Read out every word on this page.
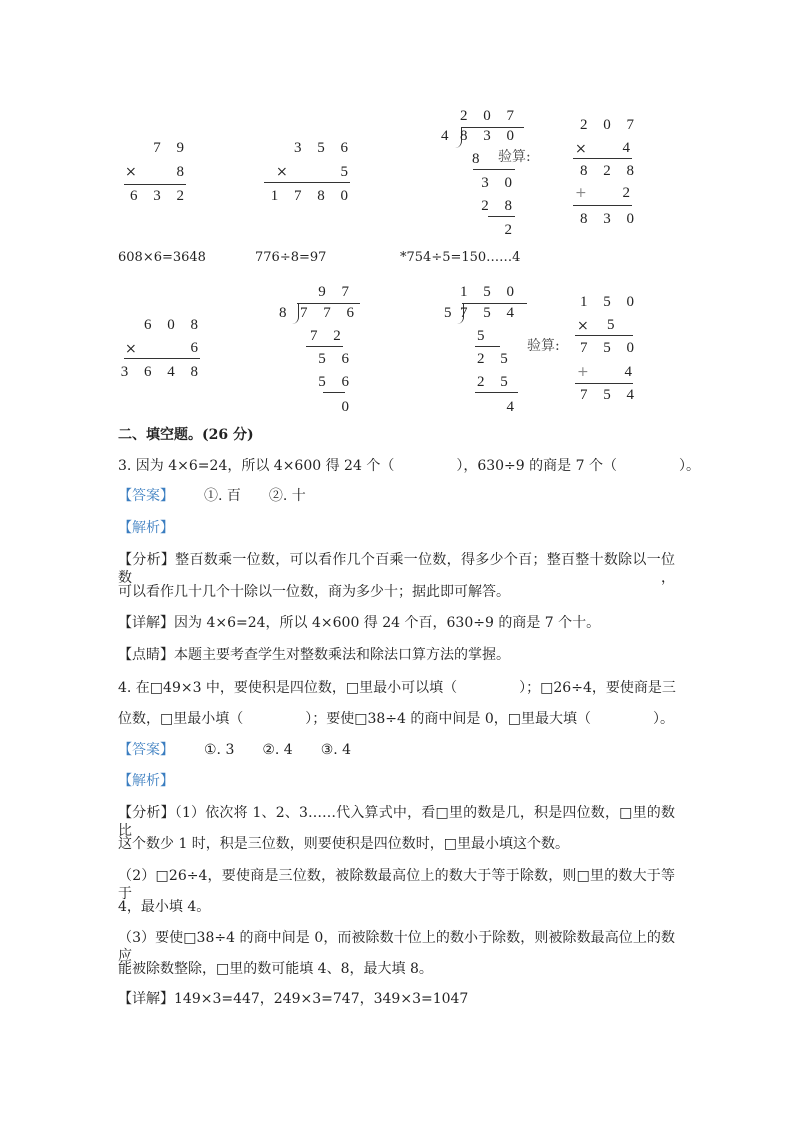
7 9
×	8
6 3 2
3 5 6
×	5
1 7 8 0
2 0 7
4 8 3 0
8
3 0
2 8
2
验算:
2 0 7
×	4
8 2 8
+	2
8 3 0
608×6=3648	776÷8=97	*754÷5=150……4
6 0 8
×	6
3 6 4 8
9 7
8 7 7 6
7 2
5 6
5 6
0
1 5 0
5 7 5 4
5
2 5
2 5
4
验算:
1 5 0
× 5
7 5 0
+	4
7 5 4
二、填空题。(26 分)
3. 因为 4×6=24，所以 4×600 得 24 个（	），630÷9 的商是 7 个（	）。
【答案】 ①. 百　　②. 十
【解析】
【分析】整百数乘一位数，可以看作几个百乘一位数，得多少个百；整百整十数除以一位数，
可以看作几十几个十除以一位数，商为多少十；据此即可解答。
【详解】因为 4×6=24，所以 4×600 得 24 个百，630÷9 的商是 7 个十。
【点睛】本题主要考查学生对整数乘法和除法口算方法的掌握。
4. 在□49×3 中，要使积是四位数，□里最小可以填（	）；□26÷4，要使商是三
位数，□里最小填（	）；要使□38÷4 的商中间是 0，□里最大填（	）。
【答案】 ①. 3　　②. 4　　③. 4
【解析】
【分析】（1）依次将 1、2、3……代入算式中，看□里的数是几，积是四位数，□里的数比
这个数少 1 时，积是三位数，则要使积是四位数时，□里最小填这个数。
（2）□26÷4，要使商是三位数，被除数最高位上的数大于等于除数，则□里的数大于等于
4，最小填 4。
（3）要使□38÷4 的商中间是 0，而被除数十位上的数小于除数，则被除数最高位上的数应
能被除数整除，□里的数可能填 4、8，最大填 8。
【详解】149×3=447，249×3=747，349×3=1047
